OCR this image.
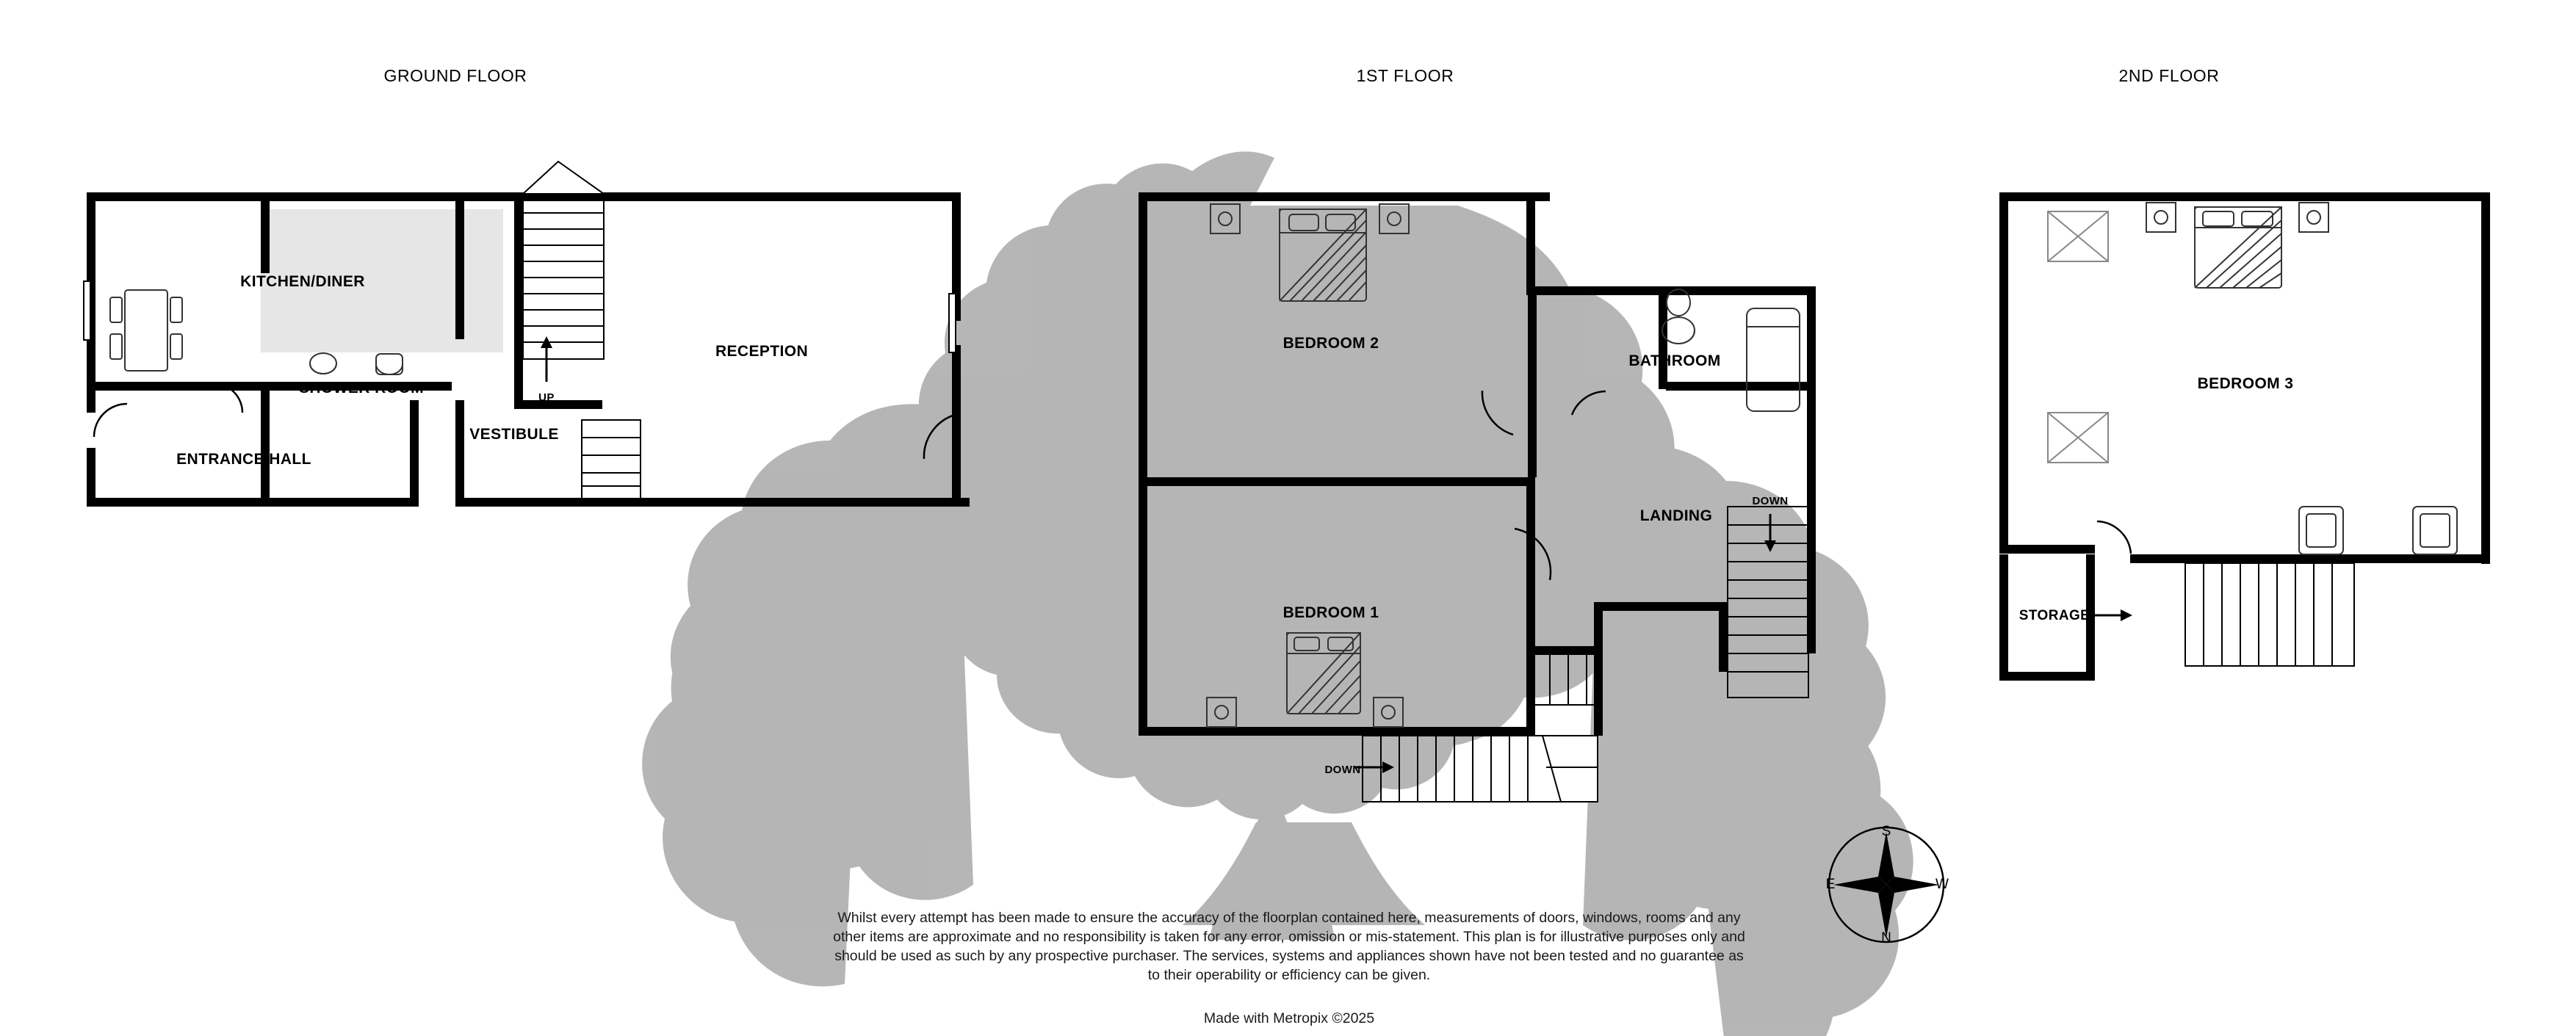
GROUND FLOOR	1ST FLOOR	2ND FLOOR
KITCHEN/DINER
SHOWER ROOM
ENTRANCE HALL
VESTIBULE
RECEPTION	BEDROOM 2
BATHROOM
LANDING
BEDROOM 1
BEDROOM 3
STORAGE
UP
DOWN
DOWN
S
W
N
E
Whilst every attempt has been made to ensure the accuracy of the floorplan contained here, measurements of doors, windows, rooms and any other items are approximate and no responsibility is taken for any error, omission or mis-statement. This plan is for illustrative purposes only and should be used as such by any prospective purchaser. The services, systems and appliances shown have not been tested and no guarantee as to their operability or efficiency can be given.
Made with Metropix ©2025
